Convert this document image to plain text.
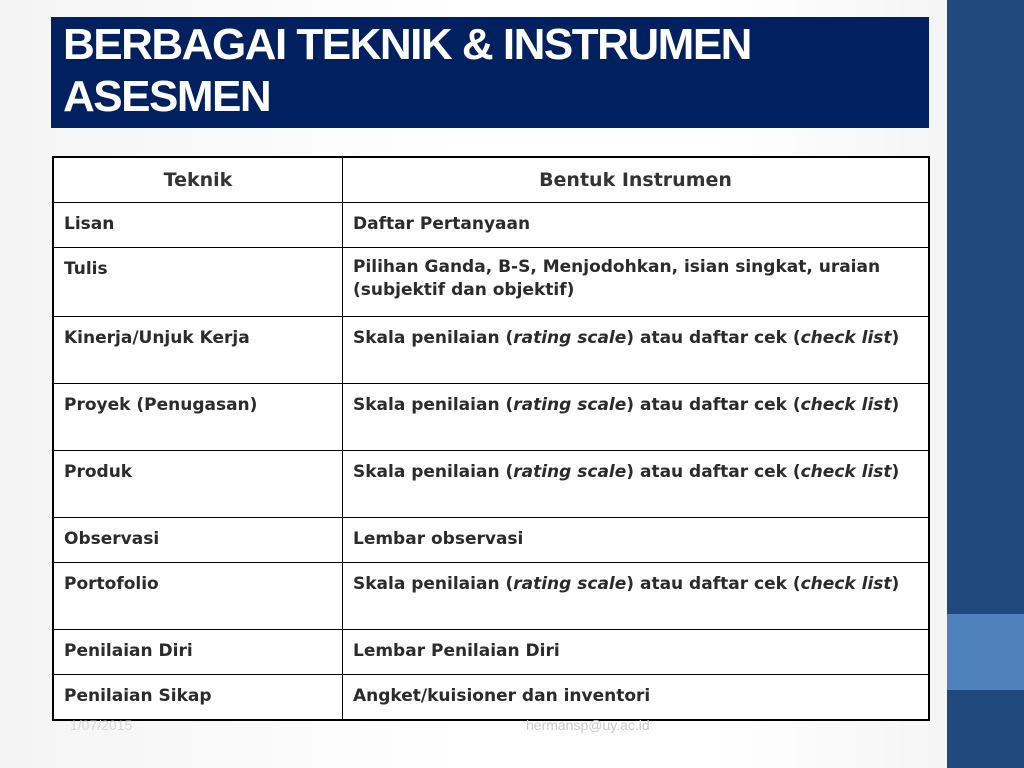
BERBAGAI TEKNIK & INSTRUMEN ASESMEN
Teknik	Bentuk Instrumen
Lisan	Daftar Pertanyaan
Tulis	Pilihan Ganda, B-S, Menjodohkan, isian singkat, uraian (subjektif dan objektif)
Kinerja/Unjuk Kerja	Skala penilaian (rating scale) atau daftar cek (check list)
Proyek (Penugasan)	Skala penilaian (rating scale) atau daftar cek (check list)
Produk	Skala penilaian (rating scale) atau daftar cek (check list)
Observasi	Lembar observasi
Portofolio	Skala penilaian (rating scale) atau daftar cek (check list)
Penilaian Diri	Lembar Penilaian Diri
Penilaian Sikap	Angket/kuisioner dan inventori
1/07/2015	hermansp@uy.ac.id
